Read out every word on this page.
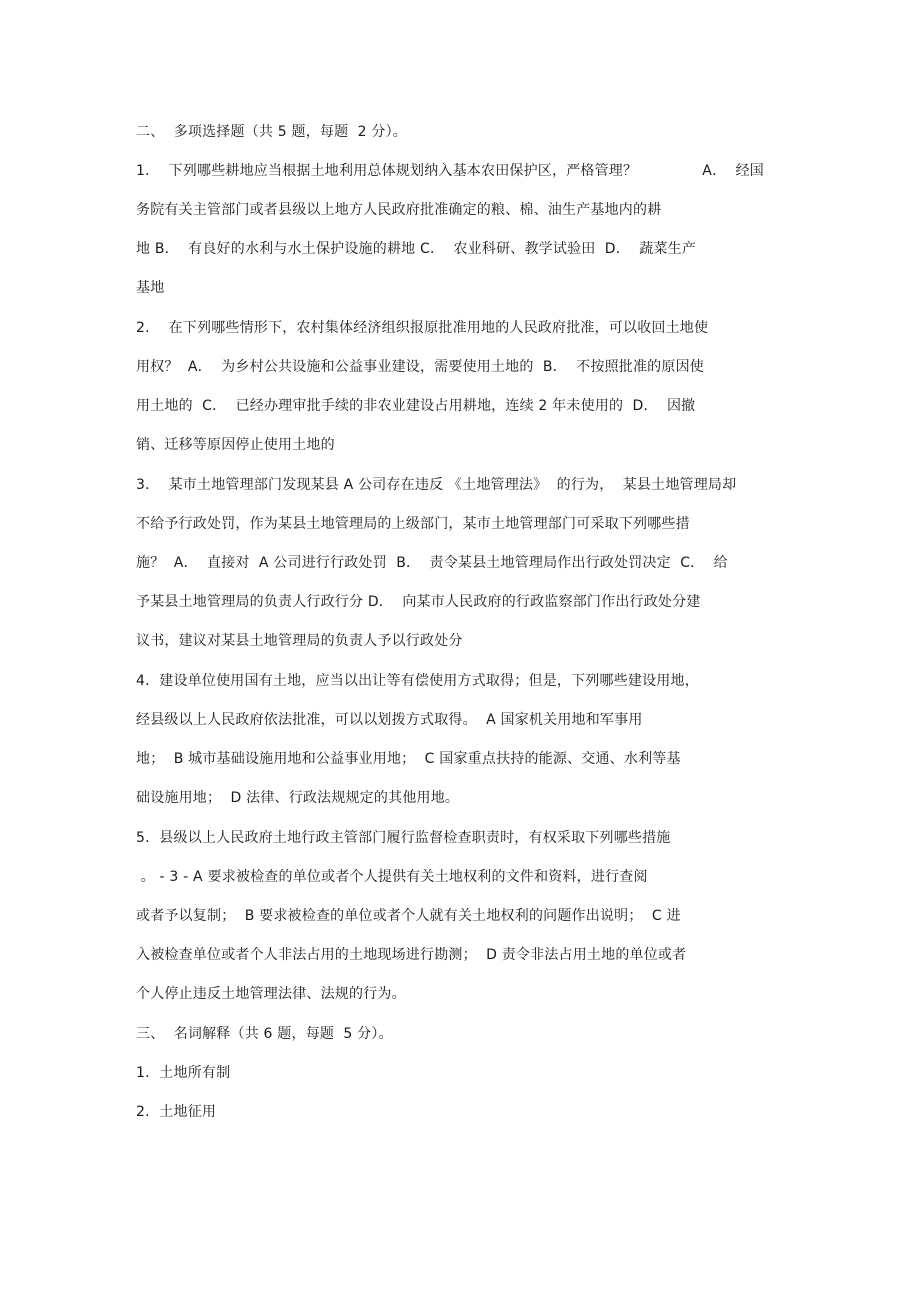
二、  多项选择题（共 5 题，每题  2 分）。
1．  下列哪些耕地应当根据土地利用总体规划纳入基本农田保护区，严格管理？              A．  经国
务院有关主管部门或者县级以上地方人民政府批准确定的粮、棉、油生产基地内的耕
地 B．  有良好的水利与水土保护设施的耕地 C．  农业科研、教学试验田  D．  蔬菜生产
基地
2．  在下列哪些情形下，农村集体经济组织报原批准用地的人民政府批准，可以收回土地使
用权？  A．  为乡村公共设施和公益事业建设，需要使用土地的  B．  不按照批准的原因使
用土地的  C．  已经办理审批手续的非农业建设占用耕地，连续 2 年未使用的  D．  因撤
销、迁移等原因停止使用土地的
3．  某市土地管理部门发现某县 A 公司存在违反 《土地管理法》  的行为，  某县土地管理局却
不给予行政处罚，作为某县土地管理局的上级部门，某市土地管理部门可采取下列哪些措
施？  A．  直接对  A 公司进行行政处罚  B．  责令某县土地管理局作出行政处罚决定  C．  给
予某县土地管理局的负责人行政行分 D．  向某市人民政府的行政监察部门作出行政处分建
议书，建议对某县土地管理局的负责人予以行政处分
4．建设单位使用国有土地，应当以出让等有偿使用方式取得；但是，下列哪些建设用地，
经县级以上人民政府依法批准，可以以划拨方式取得。  A 国家机关用地和军事用
地；  B 城市基础设施用地和公益事业用地；  C 国家重点扶持的能源、交通、水利等基
础设施用地；  D 法律、行政法规规定的其他用地。
5．县级以上人民政府土地行政主管部门履行监督检查职责时，有权采取下列哪些措施
。 - 3 - A 要求被检查的单位或者个人提供有关土地权利的文件和资料，进行查阅
或者予以复制；  B 要求被检查的单位或者个人就有关土地权利的问题作出说明；  C 进
入被检查单位或者个人非法占用的土地现场进行勘测；  D 责令非法占用土地的单位或者
个人停止违反土地管理法律、法规的行为。
三、  名词解释（共 6 题，每题  5 分）。
1．土地所有制
2．土地征用
